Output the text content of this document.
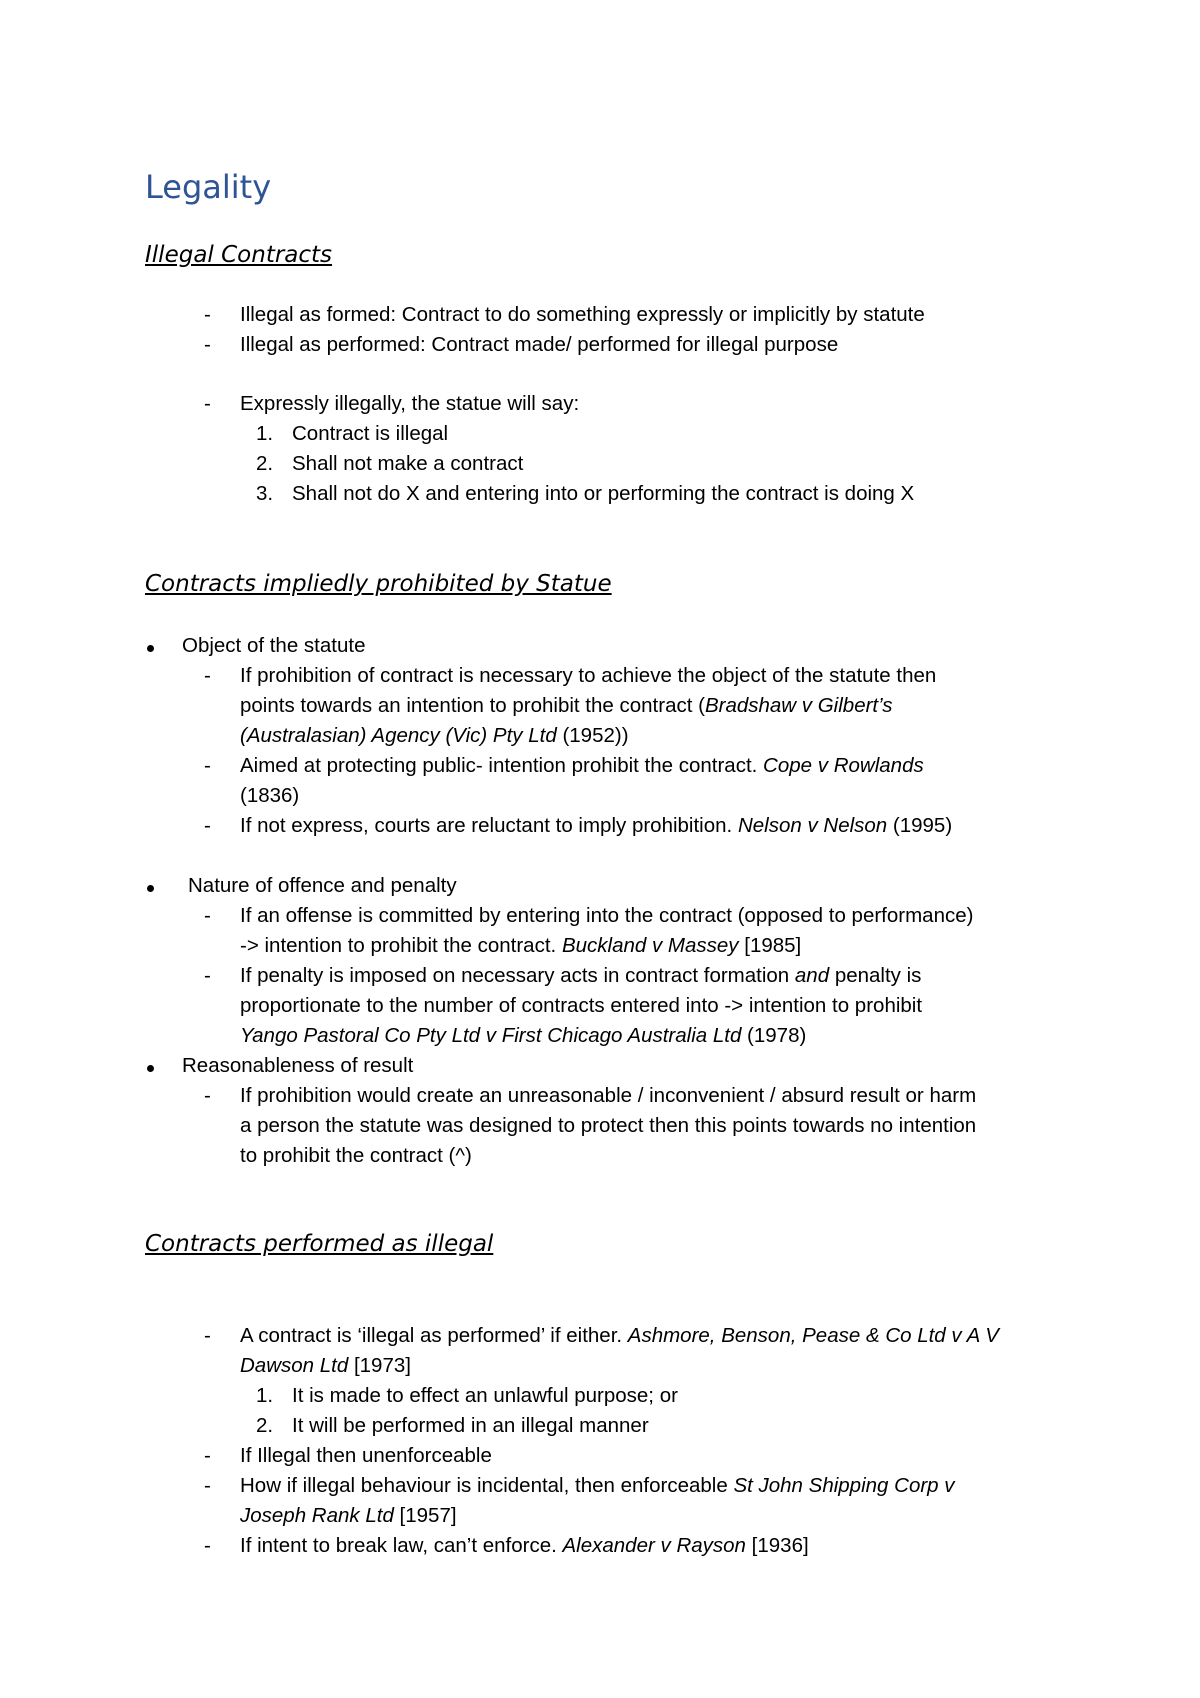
Legality
Illegal Contracts
- Illegal as formed: Contract to do something expressly or implicitly by statute
- Illegal as performed: Contract made/ performed for illegal purpose
- Expressly illegally, the statue will say:
1. Contract is illegal
2. Shall not make a contract
3. Shall not do X and entering into or performing the contract is doing X
Contracts impliedly prohibited by Statue
Object of the statute
- If prohibition of contract is necessary to achieve the object of the statute then
points towards an intention to prohibit the contract (Bradshaw v Gilbert’s
(Australasian) Agency (Vic) Pty Ltd (1952))
- Aimed at protecting public- intention prohibit the contract. Cope v Rowlands
(1836)
- If not express, courts are reluctant to imply prohibition. Nelson v Nelson (1995)
Nature of offence and penalty
- If an offense is committed by entering into the contract (opposed to performance)
-> intention to prohibit the contract. Buckland v Massey [1985]
- If penalty is imposed on necessary acts in contract formation and penalty is
proportionate to the number of contracts entered into -> intention to prohibit
Yango Pastoral Co Pty Ltd v First Chicago Australia Ltd (1978)
Reasonableness of result
- If prohibition would create an unreasonable / inconvenient / absurd result or harm
a person the statute was designed to protect then this points towards no intention
to prohibit the contract (^)
Contracts performed as illegal
- A contract is ‘illegal as performed’ if either. Ashmore, Benson, Pease & Co Ltd v A V
Dawson Ltd [1973]
1. It is made to effect an unlawful purpose; or
2. It will be performed in an illegal manner
- If Illegal then unenforceable
- How if illegal behaviour is incidental, then enforceable St John Shipping Corp v
Joseph Rank Ltd [1957]
- If intent to break law, can’t enforce. Alexander v Rayson [1936]
